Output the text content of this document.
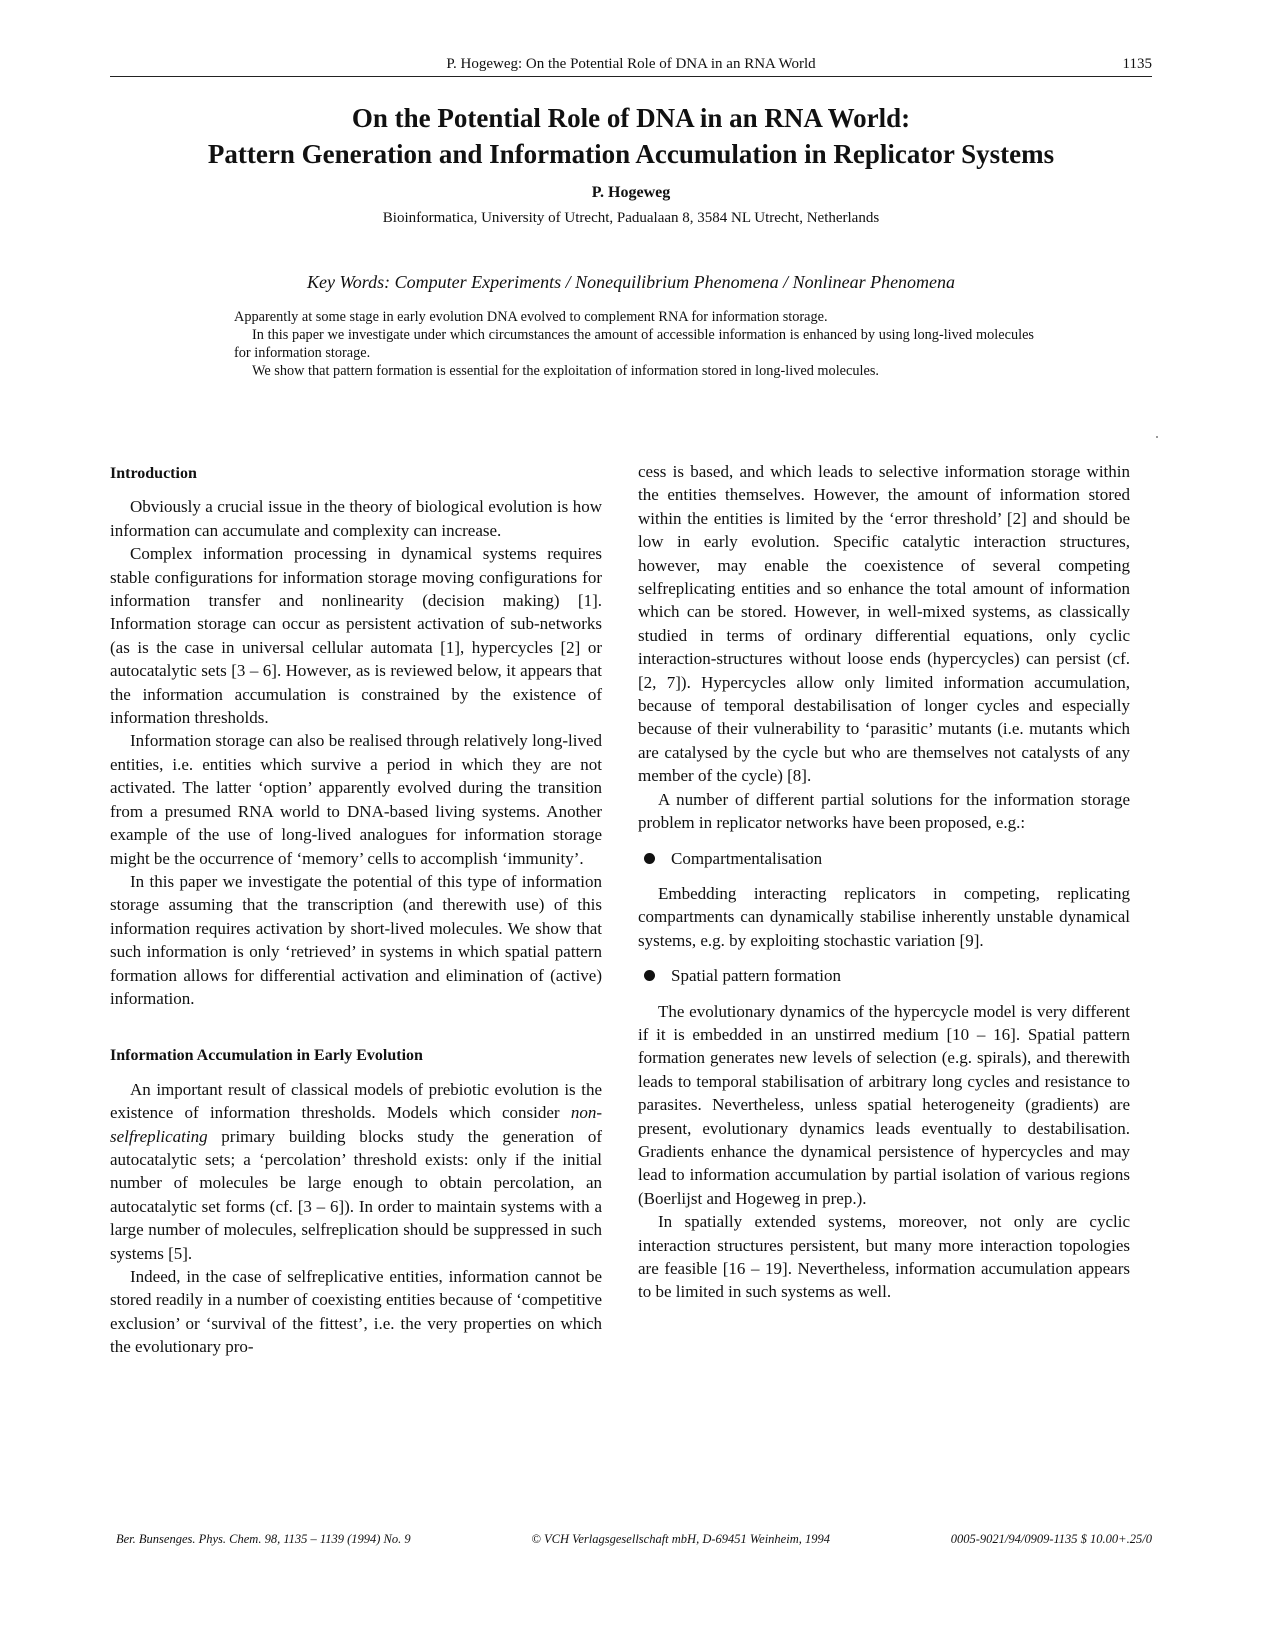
P. Hogeweg: On the Potential Role of DNA in an RNA World	1135
On the Potential Role of DNA in an RNA World:
Pattern Generation and Information Accumulation in Replicator Systems
P. Hogeweg
Bioinformatica, University of Utrecht, Padualaan 8, 3584 NL Utrecht, Netherlands
Key Words: Computer Experiments / Nonequilibrium Phenomena / Nonlinear Phenomena

Apparently at some stage in early evolution DNA evolved to complement RNA for information storage.

In this paper we investigate under which circumstances the amount of accessible information is enhanced by using long-lived molecules for information storage.

We show that pattern formation is essential for the exploitation of information stored in long-lived molecules.

Introduction

Obviously a crucial issue in the theory of biological evolution is how information can accumulate and complexity can increase.

Complex information processing in dynamical systems requires stable configurations for information storage moving configurations for information transfer and nonlinearity (decision making) [1]. Information storage can occur as persistent activation of sub-networks (as is the case in universal cellular automata [1], hypercycles [2] or autocatalytic sets [3 – 6]. However, as is reviewed below, it appears that the information accumulation is constrained by the existence of information thresholds.

Information storage can also be realised through relatively long-lived entities, i.e. entities which survive a period in which they are not activated. The latter ‘option’ apparently evolved during the transition from a presumed RNA world to DNA-based living systems. Another example of the use of long-lived analogues for information storage might be the occurrence of ‘memory’ cells to accomplish ‘immunity’.

In this paper we investigate the potential of this type of information storage assuming that the transcription (and therewith use) of this information requires activation by short-lived molecules. We show that such information is only ‘retrieved’ in systems in which spatial pattern formation allows for differential activation and elimination of (active) information.

Information Accumulation in Early Evolution

An important result of classical models of prebiotic evolution is the existence of information thresholds. Models which consider non-selfreplicating primary building blocks study the generation of autocatalytic sets; a ‘percolation’ threshold exists: only if the initial number of molecules be large enough to obtain percolation, an autocatalytic set forms (cf. [3 – 6]). In order to maintain systems with a large number of molecules, selfreplication should be suppressed in such systems [5].

Indeed, in the case of selfreplicative entities, information cannot be stored readily in a number of coexisting entities because of ‘competitive exclusion’ or ‘survival of the fittest’, i.e. the very properties on which the evolutionary pro-

cess is based, and which leads to selective information storage within the entities themselves. However, the amount of information stored within the entities is limited by the ‘error threshold’ [2] and should be low in early evolution. Specific catalytic interaction structures, however, may enable the coexistence of several competing selfreplicating entities and so enhance the total amount of information which can be stored. However, in well-mixed systems, as classically studied in terms of ordinary differential equations, only cyclic interaction-structures without loose ends (hypercycles) can persist (cf. [2, 7]). Hypercycles allow only limited information accumulation, because of temporal destabilisation of longer cycles and especially because of their vulnerability to ‘parasitic’ mutants (i.e. mutants which are catalysed by the cycle but who are themselves not catalysts of any member of the cycle) [8].

A number of different partial solutions for the information storage problem in replicator networks have been proposed, e.g.:

Compartmentalisation

Embedding interacting replicators in competing, replicating compartments can dynamically stabilise inherently unstable dynamical systems, e.g. by exploiting stochastic variation [9].

Spatial pattern formation

The evolutionary dynamics of the hypercycle model is very different if it is embedded in an unstirred medium [10 – 16]. Spatial pattern formation generates new levels of selection (e.g. spirals), and therewith leads to temporal stabilisation of arbitrary long cycles and resistance to parasites. Nevertheless, unless spatial heterogeneity (gradients) are present, evolutionary dynamics leads eventually to destabilisation. Gradients enhance the dynamical persistence of hypercycles and may lead to information accumulation by partial isolation of various regions (Boerlijst and Hogeweg in prep.).

In spatially extended systems, moreover, not only are cyclic interaction structures persistent, but many more interaction topologies are feasible [16 – 19]. Nevertheless, information accumulation appears to be limited in such systems as well.

Ber. Bunsenges. Phys. Chem. 98, 1135 – 1139 (1994) No. 9	© VCH Verlagsgesellschaft mbH, D-69451 Weinheim, 1994	0005-9021/94/0909-1135 $ 10.00+.25/0
